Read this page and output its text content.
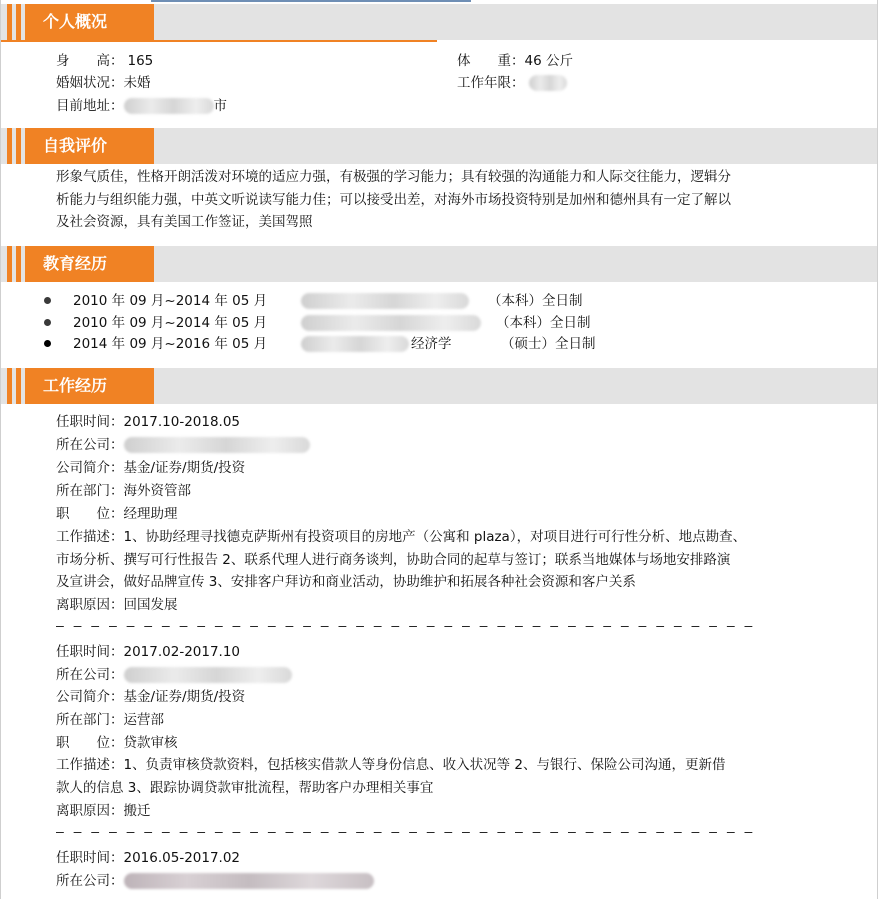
个人概况
身　　高： 165	体　　重：46 公斤
婚姻状况：未婚	工作年限：
目前地址：	市
自我评价
形象气质佳，性格开朗活泼对环境的适应力强，有极强的学习能力；具有较强的沟通能力和人际交往能力，逻辑分
析能力与组织能力强，中英文听说读写能力佳；可以接受出差，对海外市场投资特别是加州和德州具有一定了解以
及社会资源，具有美国工作签证，美国驾照
教育经历
2010 年 09 月~2014 年 05 月	（本科）全日制
2010 年 09 月~2014 年 05 月	（本科）全日制
2014 年 09 月~2016 年 05 月	经济学	（硕士）全日制
工作经历
任职时间：2017.10-2018.05
所在公司：
公司简介：基金/证券/期货/投资
所在部门：海外资管部
职　　位：经理助理
工作描述：1、协助经理寻找德克萨斯州有投资项目的房地产（公寓和 plaza），对项目进行可行性分析、地点勘查、
市场分析、撰写可行性报告 2、联系代理人进行商务谈判，协助合同的起草与签订；联系当地媒体与场地安排路演
及宣讲会，做好品牌宣传 3、安排客户拜访和商业活动，协助维护和拓展各种社会资源和客户关系
离职原因：回国发展
— — — — — — — — — — — — — — — — — — — — — — — — — — — — — — — — — — — — — — — —
任职时间：2017.02-2017.10
所在公司：
公司简介：基金/证券/期货/投资
所在部门：运营部
职　　位：贷款审核
工作描述：1、负责审核贷款资料，包括核实借款人等身份信息、收入状况等 2、与银行、保险公司沟通，更新借
款人的信息 3、跟踪协调贷款审批流程，帮助客户办理相关事宜
离职原因：搬迁
— — — — — — — — — — — — — — — — — — — — — — — — — — — — — — — — — — — — — — — —
任职时间：2016.05-2017.02
所在公司：
